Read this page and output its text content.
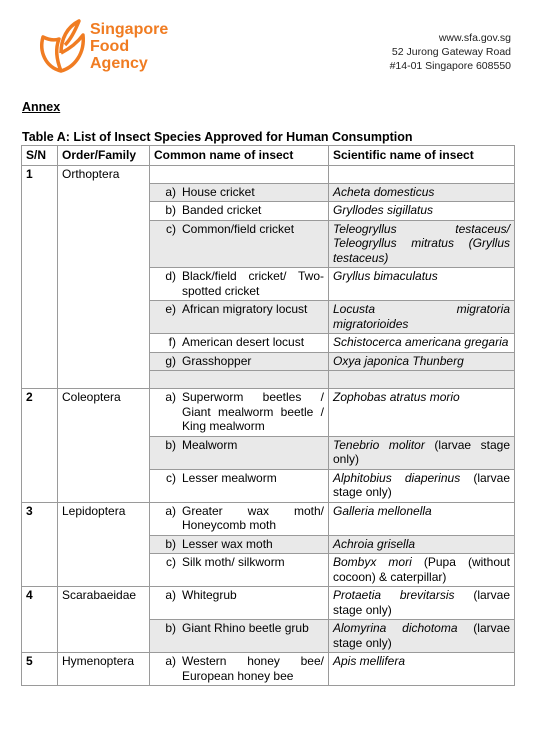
Singapore
Food
Agency
www.sfa.gov.sg
52 Jurong Gateway Road
#14-01 Singapore 608550
Annex
Table A: List of Insect Species Approved for Human Consumption
S/N	Order/Family	Common name of insect	Scientific name of insect
1	Orthoptera		

		a) House cricket	Acheta domesticus

		b) Banded cricket	Gryllodes sigillatus

		c) Common/field cricket	Teleogryllus testaceus/ Teleogryllus mitratus (Gryllus testaceus)

		d) Black/field cricket/ Two-spotted cricket	Gryllus bimaculatus

		e) African migratory locust	Locusta migratoria migratorioides

		f) American desert locust	Schistocerca americana gregaria

		g) Grasshopper	Oxya japonica Thunberg

2	Coleoptera	a) Superworm beetles / Giant mealworm beetle / King mealworm	Zophobas atratus morio

		b) Mealworm	Tenebrio molitor (larvae stage only)

		c) Lesser mealworm	Alphitobius diaperinus (larvae stage only)
3	Lepidoptera	a) Greater wax moth/ Honeycomb moth	Galleria mellonella

		b) Lesser wax moth	Achroia grisella

		c) Silk moth/ silkworm	Bombyx mori (Pupa (without cocoon) & caterpillar)
4	Scarabaeidae	a) Whitegrub	Protaetia brevitarsis (larvae stage only)

		b) Giant Rhino beetle grub	Alomyrina dichotoma (larvae stage only)
5	Hymenoptera	a) Western honey bee/ European honey bee	Apis mellifera
